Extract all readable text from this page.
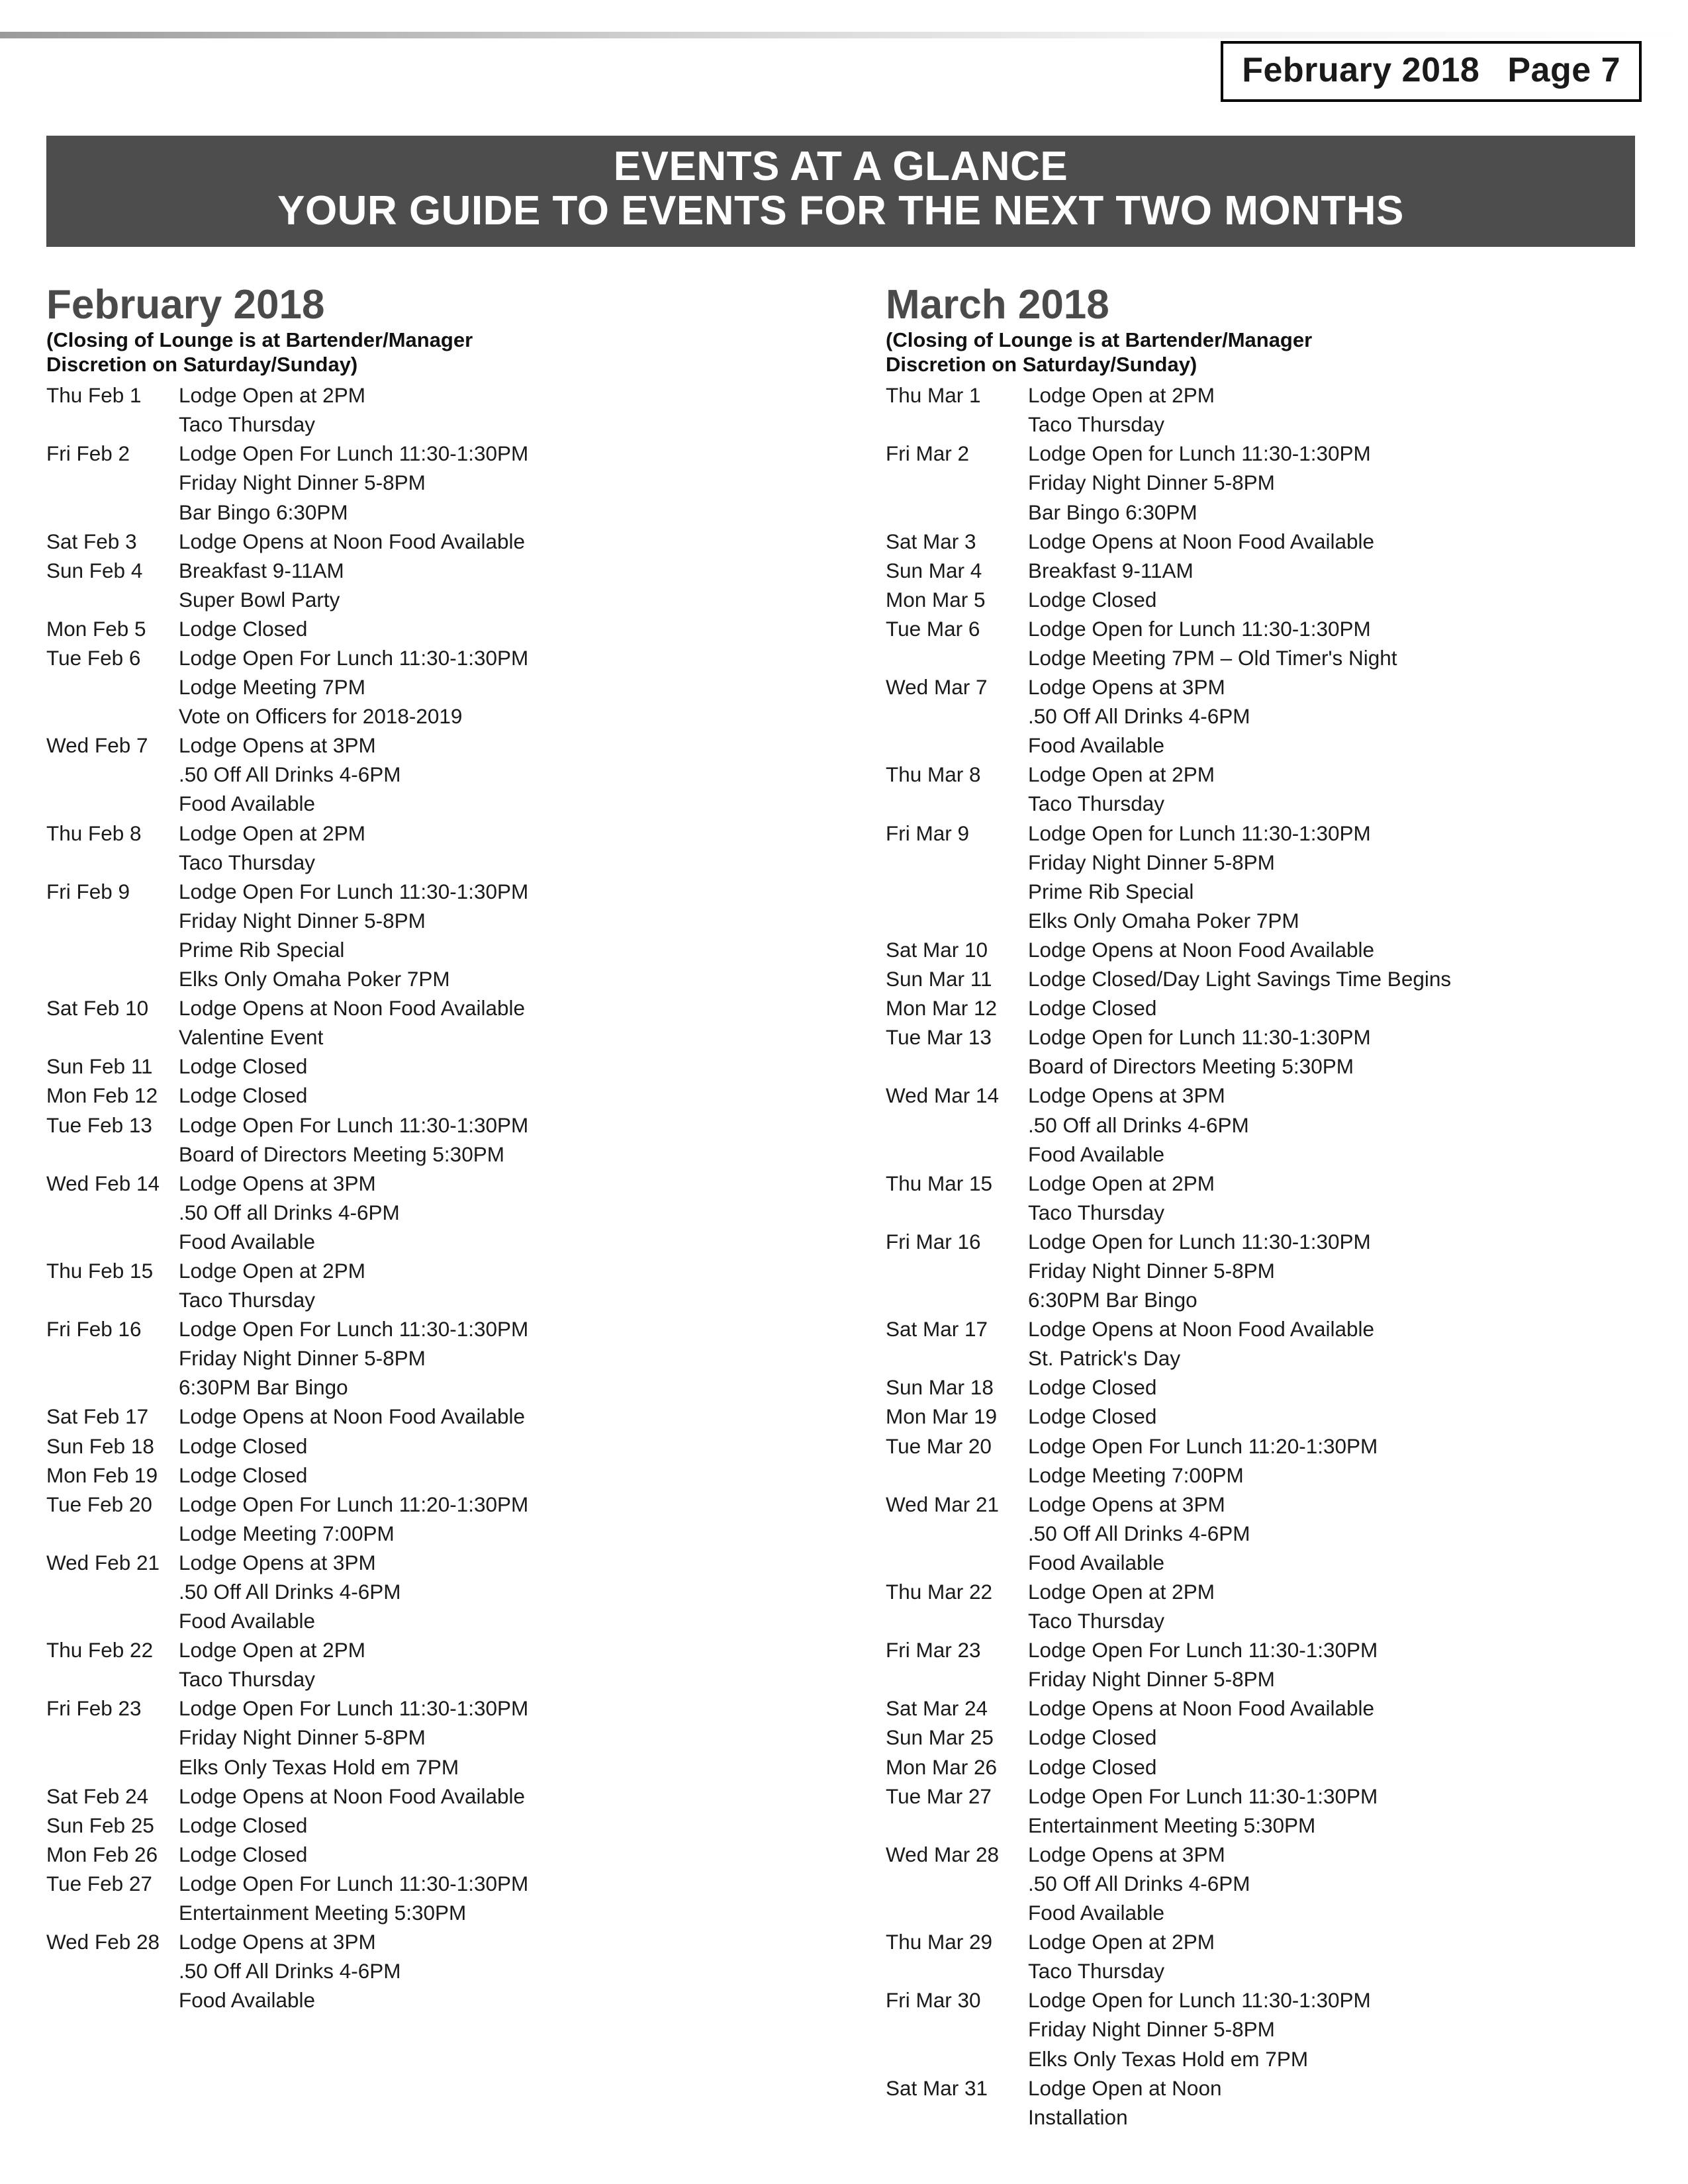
February 2018 Page 7
EVENTS AT A GLANCE
YOUR GUIDE TO EVENTS FOR THE NEXT TWO MONTHS
February 2018
(Closing of Lounge is at Bartender/Manager
Discretion on Saturday/Sunday)
Thu Feb 1	Lodge Open at 2PM
Taco Thursday

Fri Feb 2	Lodge Open For Lunch 11:30-1:30PM
Friday Night Dinner 5-8PM
Bar Bingo 6:30PM

Sat Feb 3	Lodge Opens at Noon Food Available

Sun Feb 4	Breakfast 9-11AM
Super Bowl Party

Mon Feb 5	Lodge Closed

Tue Feb 6	Lodge Open For Lunch 11:30-1:30PM
Lodge Meeting 7PM
Vote on Officers for 2018-2019

Wed Feb 7	Lodge Opens at 3PM
.50 Off All Drinks 4-6PM
Food Available

Thu Feb 8	Lodge Open at 2PM
Taco Thursday

Fri Feb 9	Lodge Open For Lunch 11:30-1:30PM
Friday Night Dinner 5-8PM
Prime Rib Special
Elks Only Omaha Poker 7PM

Sat Feb 10	Lodge Opens at Noon Food Available
Valentine Event

Sun Feb 11	Lodge Closed

Mon Feb 12	Lodge Closed

Tue Feb 13	Lodge Open For Lunch 11:30-1:30PM
Board of Directors Meeting 5:30PM

Wed Feb 14	Lodge Opens at 3PM
.50 Off all Drinks 4-6PM
Food Available

Thu Feb 15	Lodge Open at 2PM
Taco Thursday

Fri Feb 16	Lodge Open For Lunch 11:30-1:30PM
Friday Night Dinner 5-8PM
6:30PM Bar Bingo

Sat Feb 17	Lodge Opens at Noon Food Available

Sun Feb 18	Lodge Closed

Mon Feb 19	Lodge Closed

Tue Feb 20	Lodge Open For Lunch 11:20-1:30PM
Lodge Meeting 7:00PM

Wed Feb 21	Lodge Opens at 3PM
.50 Off All Drinks 4-6PM
Food Available

Thu Feb 22	Lodge Open at 2PM
Taco Thursday

Fri Feb 23	Lodge Open For Lunch 11:30-1:30PM
Friday Night Dinner 5-8PM
Elks Only Texas Hold em 7PM

Sat Feb 24	Lodge Opens at Noon Food Available

Sun Feb 25	Lodge Closed

Mon Feb 26	Lodge Closed

Tue Feb 27	Lodge Open For Lunch 11:30-1:30PM
Entertainment Meeting 5:30PM

Wed Feb 28	Lodge Opens at 3PM
.50 Off All Drinks 4-6PM
Food Available
March 2018
(Closing of Lounge is at Bartender/Manager
Discretion on Saturday/Sunday)
Thu Mar 1	Lodge Open at 2PM
Taco Thursday

Fri Mar 2	Lodge Open for Lunch 11:30-1:30PM
Friday Night Dinner 5-8PM
Bar Bingo 6:30PM

Sat Mar 3	Lodge Opens at Noon Food Available

Sun Mar 4	Breakfast 9-11AM

Mon Mar 5	Lodge Closed

Tue Mar 6	Lodge Open for Lunch 11:30-1:30PM
Lodge Meeting 7PM – Old Timer's Night

Wed Mar 7	Lodge Opens at 3PM
.50 Off All Drinks 4-6PM
Food Available

Thu Mar 8	Lodge Open at 2PM
Taco Thursday

Fri Mar 9	Lodge Open for Lunch 11:30-1:30PM
Friday Night Dinner 5-8PM
Prime Rib Special
Elks Only Omaha Poker 7PM

Sat Mar 10	Lodge Opens at Noon Food Available

Sun Mar 11	Lodge Closed/Day Light Savings Time Begins

Mon Mar 12	Lodge Closed

Tue Mar 13	Lodge Open for Lunch 11:30-1:30PM
Board of Directors Meeting 5:30PM

Wed Mar 14	Lodge Opens at 3PM
.50 Off all Drinks 4-6PM
Food Available

Thu Mar 15	Lodge Open at 2PM
Taco Thursday

Fri Mar 16	Lodge Open for Lunch 11:30-1:30PM
Friday Night Dinner 5-8PM
6:30PM Bar Bingo

Sat Mar 17	Lodge Opens at Noon Food Available
St. Patrick's Day

Sun Mar 18	Lodge Closed

Mon Mar 19	Lodge Closed

Tue Mar 20	Lodge Open For Lunch 11:20-1:30PM
Lodge Meeting 7:00PM

Wed Mar 21	Lodge Opens at 3PM
.50 Off All Drinks 4-6PM
Food Available

Thu Mar 22	Lodge Open at 2PM
Taco Thursday

Fri Mar 23	Lodge Open For Lunch 11:30-1:30PM
Friday Night Dinner 5-8PM

Sat Mar 24	Lodge Opens at Noon Food Available

Sun Mar 25	Lodge Closed

Mon Mar 26	Lodge Closed

Tue Mar 27	Lodge Open For Lunch 11:30-1:30PM
Entertainment Meeting 5:30PM

Wed Mar 28	Lodge Opens at 3PM
.50 Off All Drinks 4-6PM
Food Available

Thu Mar 29	Lodge Open at 2PM
Taco Thursday

Fri Mar 30	Lodge Open for Lunch 11:30-1:30PM
Friday Night Dinner 5-8PM
Elks Only Texas Hold em 7PM

Sat Mar 31	Lodge Open at Noon
Installation
